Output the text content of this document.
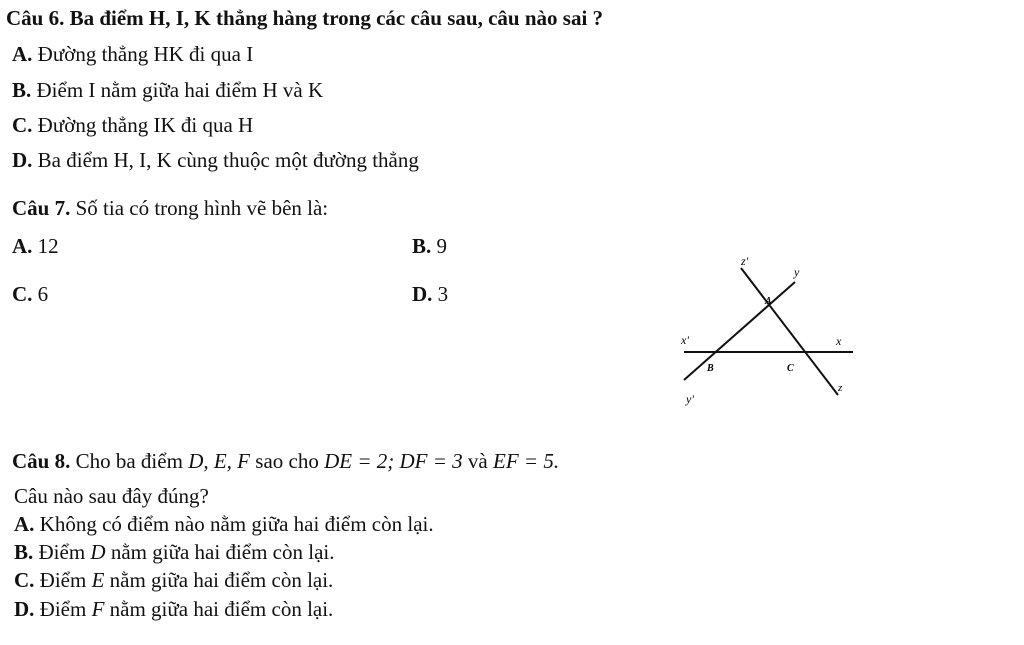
Câu 6. Ba điểm H, I, K thẳng hàng trong các câu sau, câu nào sai ?
A. Đường thẳng HK đi qua I
B. Điểm I nằm giữa hai điểm H và K
C. Đường thẳng IK đi qua H
D. Ba điểm H, I, K cùng thuộc một đường thẳng
Câu 7. Số tia có trong hình vẽ bên là:
A. 12	B. 9
C. 6	D. 3
z'
y
A
x'	x
B	C
z
y'
Câu 8. Cho ba điểm D, E, F sao cho DE = 2; DF = 3 và EF = 5.
Câu nào sau đây đúng?
A. Không có điểm nào nằm giữa hai điểm còn lại.
B. Điểm D nằm giữa hai điểm còn lại.
C. Điểm E nằm giữa hai điểm còn lại.
D. Điểm F nằm giữa hai điểm còn lại.
